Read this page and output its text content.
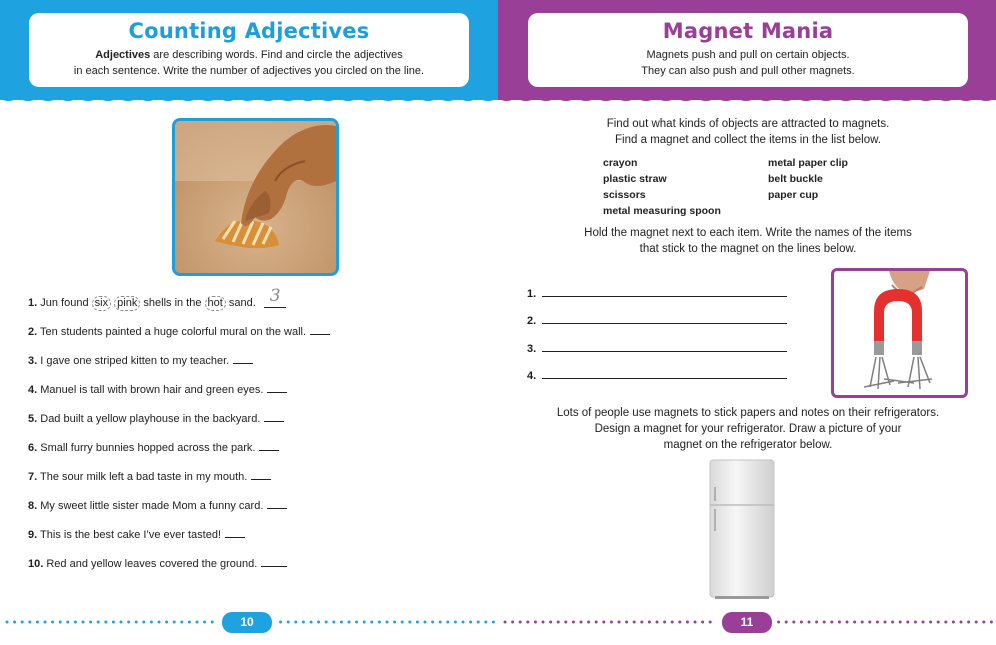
Counting Adjectives
Adjectives are describing words. Find and circle the adjectives
in each sentence. Write the number of adjectives you circled on the line.
1. Jun found six pink shells in the hot sand. 3
2. Ten students painted a huge colorful mural on the wall.
3. I gave one striped kitten to my teacher.
4. Manuel is tall with brown hair and green eyes.
5. Dad built a yellow playhouse in the backyard.
6. Small furry bunnies hopped across the park.
7. The sour milk left a bad taste in my mouth.
8. My sweet little sister made Mom a funny card.
9. This is the best cake I’ve ever tasted!
10. Red and yellow leaves covered the ground.
10
Magnet Mania
Magnets push and pull on certain objects.
They can also push and pull other magnets.
Find out what kinds of objects are attracted to magnets.
Find a magnet and collect the items in the list below.
crayon
plastic straw
scissors
metal measuring spoon
metal paper clip
belt buckle
paper cup
Hold the magnet next to each item. Write the names of the items
that stick to the magnet on the lines below.
1.
2.
3.
4.
Lots of people use magnets to stick papers and notes on their refrigerators.
Design a magnet for your refrigerator. Draw a picture of your
magnet on the refrigerator below.
11
